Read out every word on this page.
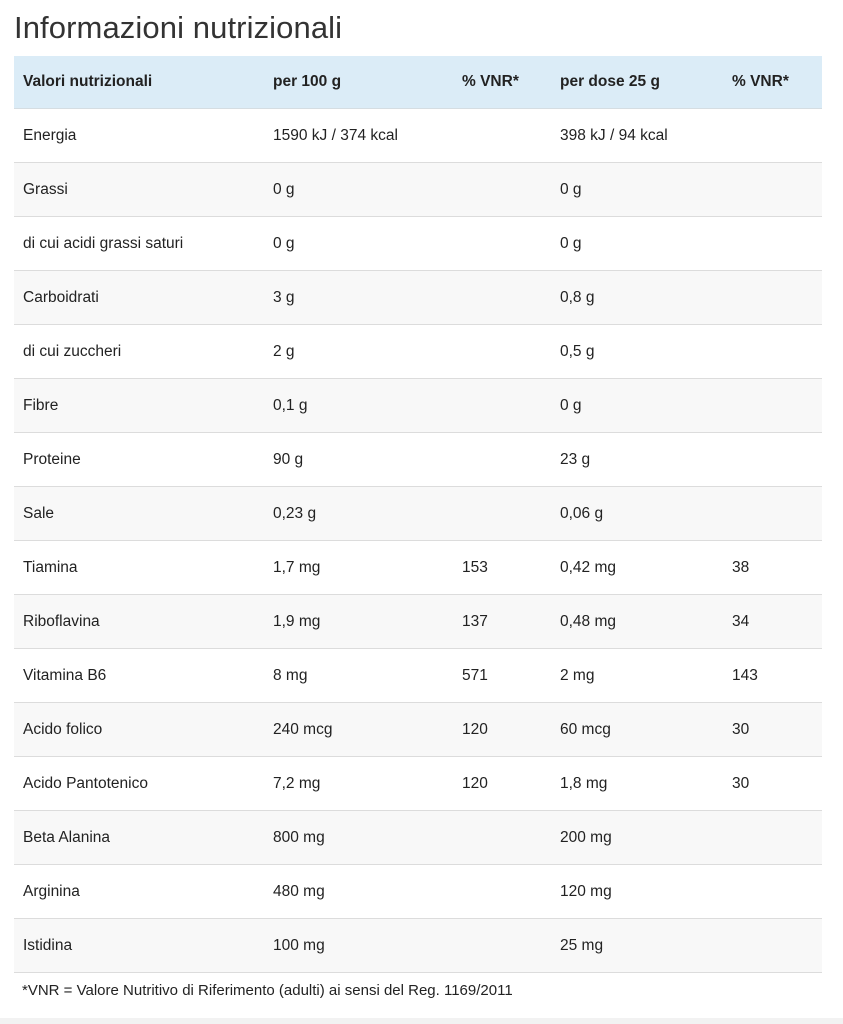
Informazioni nutrizionali
Valori nutrizionali	per 100 g	% VNR*	per dose 25 g	% VNR*
Energia	1590 kJ / 374 kcal		398 kJ / 94 kcal	
Grassi	0 g		0 g	
di cui acidi grassi saturi	0 g		0 g	
Carboidrati	3 g		0,8 g	
di cui zuccheri	2 g		0,5 g	
Fibre	0,1 g		0 g	
Proteine	90 g		23 g	
Sale	0,23 g		0,06 g	
Tiamina	1,7 mg	153	0,42 mg	38
Riboflavina	1,9 mg	137	0,48 mg	34
Vitamina B6	8 mg	571	2 mg	143
Acido folico	240 mcg	120	60 mcg	30
Acido Pantotenico	7,2 mg	120	1,8 mg	30
Beta Alanina	800 mg		200 mg	
Arginina	480 mg		120 mg	
Istidina	100 mg		25 mg	

*VNR = Valore Nutritivo di Riferimento (adulti) ai sensi del Reg. 1169/2011
